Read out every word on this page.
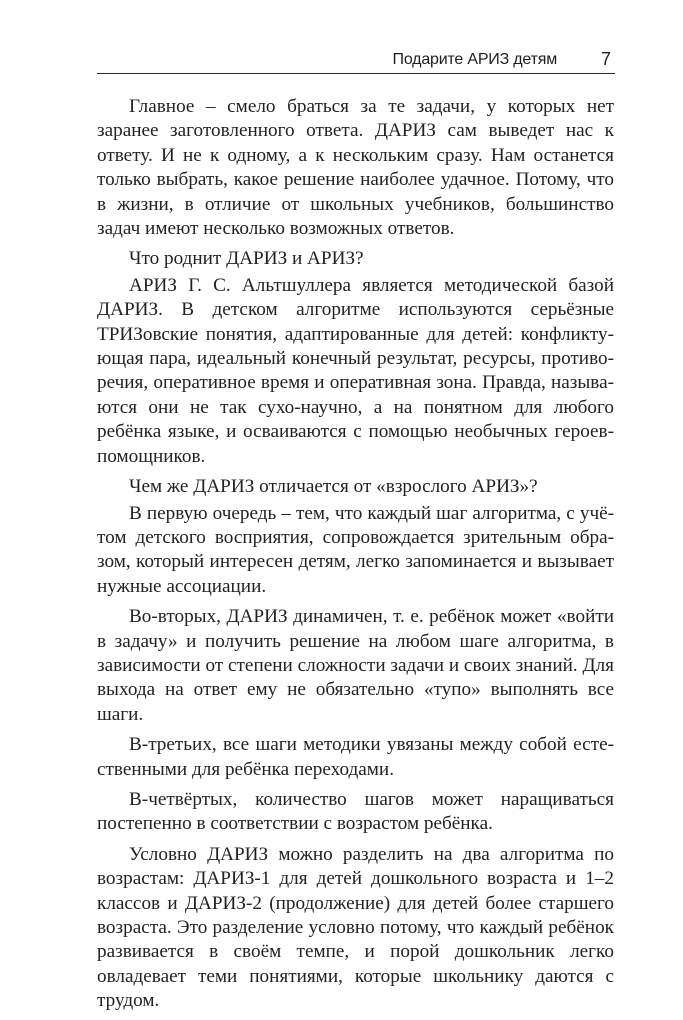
Подарите АРИЗ детям 7

Главное – смело браться за те задачи, у которых нет заранее заготовленного ответа. ДАРИЗ сам выведет нас к ответу. И не к одному, а к нескольким сразу. Нам останется только выбрать, какое решение наиболее удачное. Потому, что в жизни, в отличие от школьных учебников, большинство задач имеют несколько возможных ответов.

Что роднит ДАРИЗ и АРИЗ?

АРИЗ Г. С. Альтшуллера является методической базой ДАРИЗ. В детском алгоритме используются серьёзные ТРИЗовские понятия, адаптированные для детей: конфликтующая пара, идеальный конечный результат, ресурсы, противоречия, оперативное время и оперативная зона. Правда, называются они не так сухо-научно, а на понятном для любого ребёнка языке, и осваиваются с помощью необычных героев-помощников.

Чем же ДАРИЗ отличается от «взрослого АРИЗ»?

В первую очередь – тем, что каждый шаг алгоритма, с учётом детского восприятия, сопровождается зрительным образом, который интересен детям, легко запоминается и вызывает нужные ассоциации.

Во-вторых, ДАРИЗ динамичен, т. е. ребёнок может «войти в задачу» и получить решение на любом шаге алгоритма, в зависимости от степени сложности задачи и своих знаний. Для выхода на ответ ему не обязательно «тупо» выполнять все шаги.

В-третьих, все шаги методики увязаны между собой естественными для ребёнка переходами.

В-четвёртых, количество шагов может наращиваться постепенно в соответствии с возрастом ребёнка.

Условно ДАРИЗ можно разделить на два алгоритма по возрастам: ДАРИЗ-1 для детей дошкольного возраста и 1–2 классов и ДАРИЗ-2 (продолжение) для детей более старшего возраста. Это разделение условно потому, что каждый ребёнок развивается в своём темпе, и порой дошкольник легко овладевает теми понятиями, которые школьнику даются с трудом.
